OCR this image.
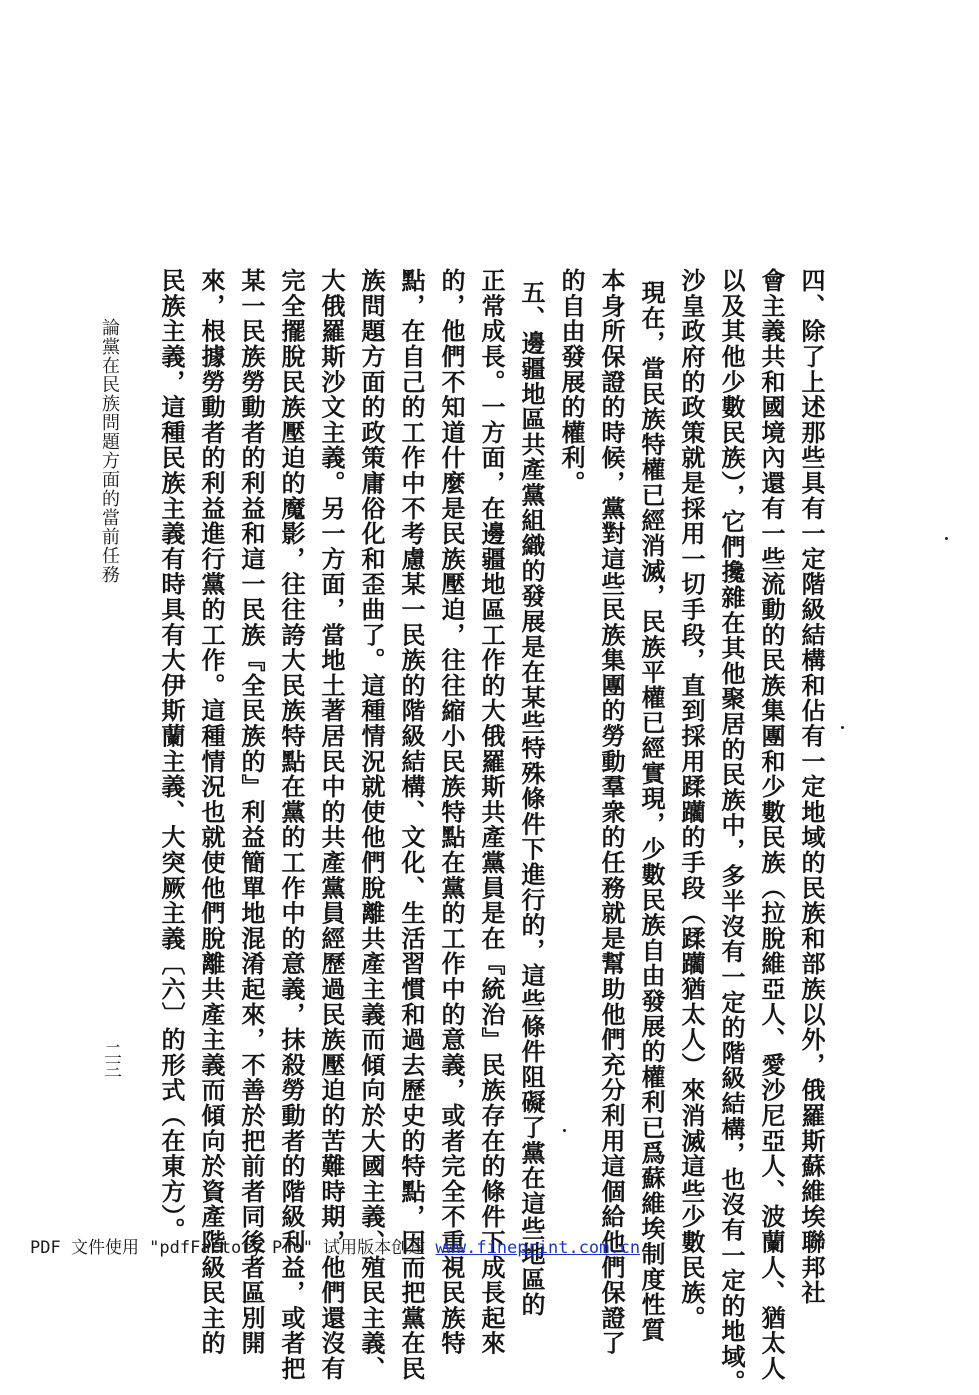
四、除了上述那些具有一定階級結構和佔有一定地域的民族和部族以外，俄羅斯蘇維埃聯邦社
會主義共和國境內還有一些流動的民族集團和少數民族（拉脫維亞人、愛沙尼亞人、波蘭人、猶太人
以及其他少數民族），它們攙雜在其他聚居的民族中，多半沒有一定的階級結構，也沒有一定的地域。
沙皇政府的政策就是採用一切手段，直到採用蹂躪的手段（蹂躪猶太人）來消滅這些少數民族。
現在，當民族特權已經消滅，民族平權已經實現，少數民族自由發展的權利已爲蘇維埃制度性質
本身所保證的時候，黨對這些民族集團的勞動羣衆的任務就是幫助他們充分利用這個給他們保證了
的自由發展的權利。
五、邊疆地區共產黨組織的發展是在某些特殊條件下進行的，這些條件阻礙了黨在這些地區的
正常成長。一方面，在邊疆地區工作的大俄羅斯共產黨員是在『統治』民族存在的條件下成長起來
的，他們不知道什麼是民族壓迫，往往縮小民族特點在黨的工作中的意義，或者完全不重視民族特
點，在自己的工作中不考慮某一民族的階級結構、文化、生活習慣和過去歷史的特點，因而把黨在民
族問題方面的政策庸俗化和歪曲了。這種情況就使他們脫離共產主義而傾向於大國主義、殖民主義、
大俄羅斯沙文主義。另一方面，當地土著居民中的共產黨員經歷過民族壓迫的苦難時期，他們還沒有
完全擺脫民族壓迫的魔影，往往誇大民族特點在黨的工作中的意義，抹殺勞動者的階級利益，或者把
某一民族勞動者的利益和這一民族『全民族的』利益簡單地混淆起來，不善於把前者同後者區別開
來，根據勞動者的利益進行黨的工作。這種情況也就使他們脫離共產主義而傾向於資產階級民主的
民族主義，這種民族主義有時具有大伊斯蘭主義、大突厥主義〔六〕的形式（在東方）。
論黨在民族問題方面的當前任務
二三
PDF 文件使用 "pdfFactory Pro" 试用版本创建 www.fineprint.com.cn
